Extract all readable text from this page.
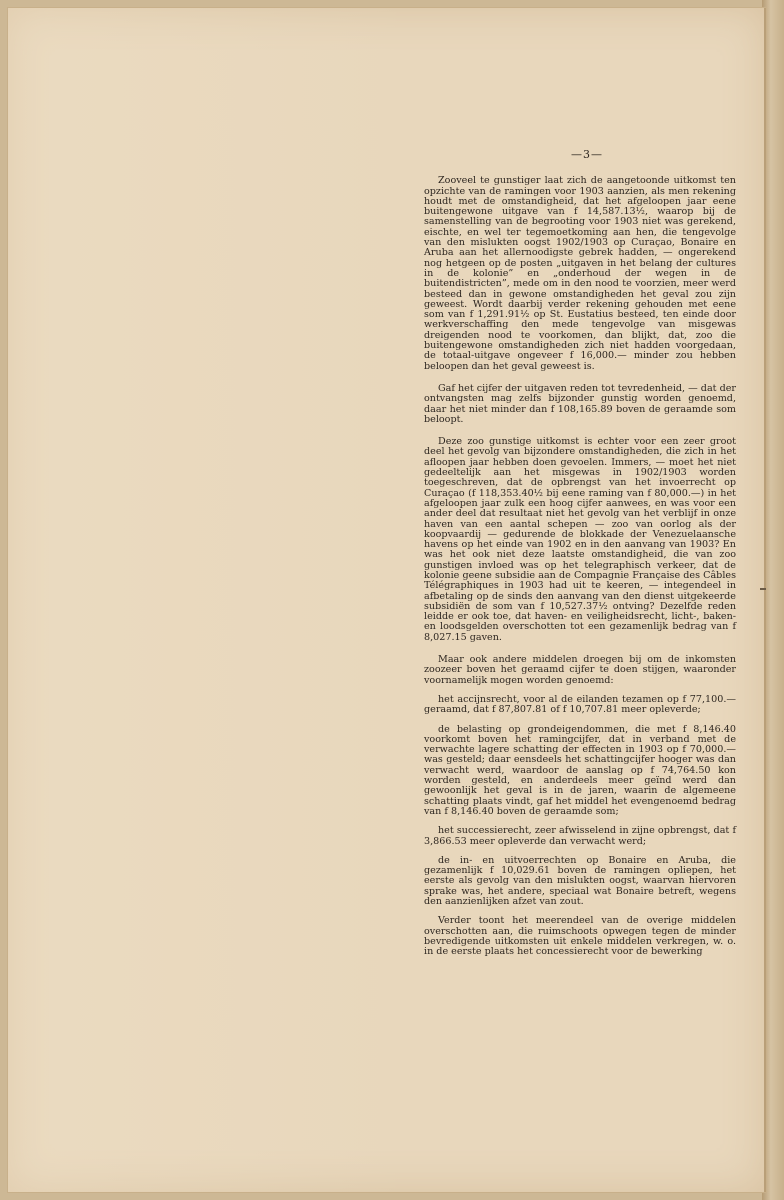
—3—

Zooveel te gunstiger laat zich de aangetoonde uitkomst ten opzichte van de ramingen voor 1903 aanzien, als men rekening houdt met de omstandigheid, dat het afgeloopen jaar eene buitengewone uitgave van f 14,587.13½, waarop bij de samenstelling van de begrooting voor 1903 niet was gerekend, eischte, en wel ter tegemoetkoming aan hen, die tengevolge van den mislukten oogst 1902/1903 op Curaçao, Bonaire en Aruba aan het allernoodigste gebrek hadden, — ongerekend nog hetgeen op de posten „uitgaven in het belang der cultures in de kolonie” en „onderhoud der wegen in de buitendistricten”, mede om in den nood te voorzien, meer werd besteed dan in gewone omstandigheden het geval zou zijn geweest. Wordt daarbij verder rekening gehouden met eene som van f 1,291.91½ op St. Eustatius besteed, ten einde door werkverschaffing den mede tengevolge van misgewas dreigenden nood te voorkomen, dan blijkt, dat, zoo die buitengewone omstandigheden zich niet hadden voorgedaan, de totaal-uitgave ongeveer f 16,000.— minder zou hebben beloopen dan het geval geweest is.

Gaf het cijfer der uitgaven reden tot tevredenheid, — dat der ontvangsten mag zelfs bijzonder gunstig worden genoemd, daar het niet minder dan f 108,165.89 boven de geraamde som beloopt.

Deze zoo gunstige uitkomst is echter voor een zeer groot deel het gevolg van bijzondere omstandigheden, die zich in het afloopen jaar hebben doen gevoelen. Immers, — moet het niet gedeeltelijk aan het misgewas in 1902/1903 worden toegeschreven, dat de opbrengst van het invoerrecht op Curaçao (f 118,353.40½ bij eene raming van f 80,000.—) in het afgeloopen jaar zulk een hoog cijfer aanwees, en was voor een ander deel dat resultaat niet het gevolg van het verblijf in onze haven van een aantal schepen — zoo van oorlog als der koopvaardij — gedurende de blokkade der Venezuelaansche havens op het einde van 1902 en in den aanvang van 1903? En was het ook niet deze laatste omstandigheid, die van zoo gunstigen invloed was op het telegraphisch verkeer, dat de kolonie geene subsidie aan de Compagnie Française des Câbles Télégraphiques in 1903 had uit te keeren, — integendeel in afbetaling op de sinds den aanvang van den dienst uitgekeerde subsidiën de som van f 10,527.37½ ontving? Dezelfde reden leidde er ook toe, dat haven- en veiligheidsrecht, licht-, baken- en loodsgelden overschotten tot een gezamenlijk bedrag van f 8,027.15 gaven.

Maar ook andere middelen droegen bij om de inkomsten zoozeer boven het geraamd cijfer te doen stijgen, waaronder voornamelijk mogen worden genoemd:

het accijnsrecht, voor al de eilanden tezamen op f 77,100.— geraamd, dat f 87,807.81 of f 10,707.81 meer opleverde;

de belasting op grondeigendommen, die met f 8,146.40 voorkomt boven het ramingcijfer, dat in verband met de verwachte lagere schatting der effecten in 1903 op f 70,000.— was gesteld; daar eensdeels het schattingcijfer hooger was dan verwacht werd, waardoor de aanslag op f 74,764.50 kon worden gesteld, en anderdeels meer geïnd werd dan gewoonlijk het geval is in de jaren, waarin de algemeene schatting plaats vindt, gaf het middel het evengenoemd bedrag van f 8,146.40 boven de geraamde som;

het successierecht, zeer afwisselend in zijne opbrengst, dat f 3,866.53 meer opleverde dan verwacht werd;

de in- en uitvoerrechten op Bonaire en Aruba, die gezamenlijk f 10,029.61 boven de ramingen opliepen, het eerste als gevolg van den mislukten oogst, waarvan hiervoren sprake was, het andere, speciaal wat Bonaire betreft, wegens den aanzienlijken afzet van zout.

Verder toont het meerendeel van de overige middelen overschotten aan, die ruimschoots opwegen tegen de minder bevredigende uitkomsten uit enkele middelen verkregen, w. o. in de eerste plaats het concessierecht voor de bewerking
